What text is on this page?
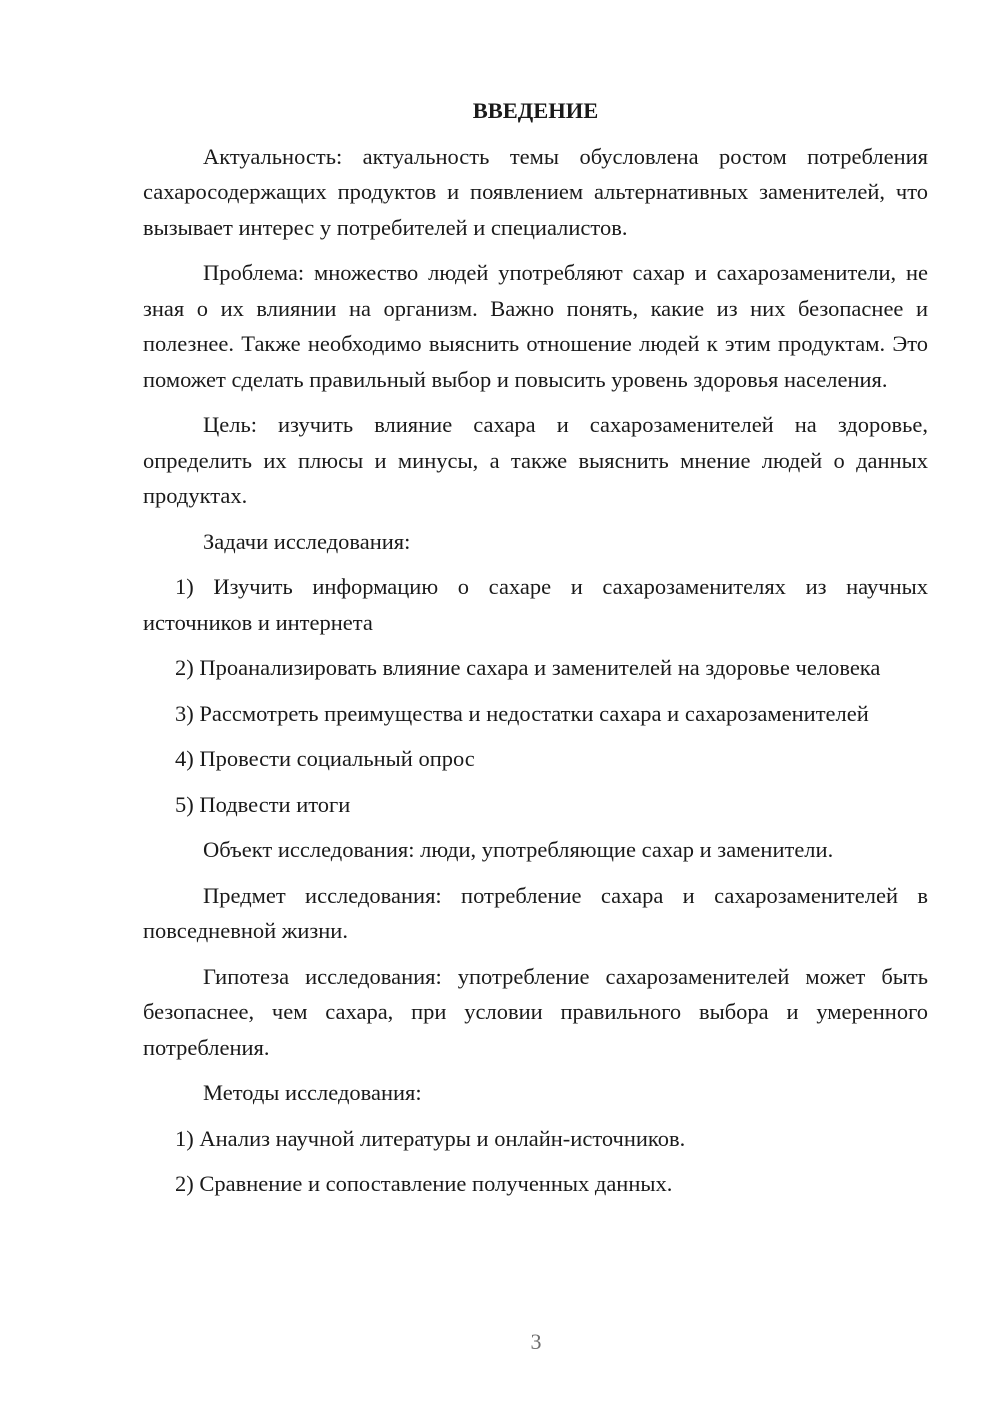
ВВЕДЕНИЕ

Актуальность: актуальность темы обусловлена ростом потребления сахаросодержащих продуктов и появлением альтернативных заменителей, что вызывает интерес у потребителей и специалистов.

Проблема: множество людей употребляют сахар и сахарозаменители, не зная о их влиянии на организм. Важно понять, какие из них безопаснее и полезнее. Также необходимо выяснить отношение людей к этим продуктам. Это поможет сделать правильный выбор и повысить уровень здоровья населения.

Цель: изучить влияние сахара и сахарозаменителей на здоровье, определить их плюсы и минусы, а также выяснить мнение людей о данных продуктах.

Задачи исследования:

1) Изучить информацию о сахаре и сахарозаменителях из научных источников и интернета

2) Проанализировать влияние сахара и заменителей на здоровье человека

3) Рассмотреть преимущества и недостатки сахара и сахарозаменителей

4) Провести социальный опрос

5) Подвести итоги

Объект исследования: люди, употребляющие сахар и заменители.

Предмет исследования: потребление сахара и сахарозаменителей в повседневной жизни.

Гипотеза исследования: употребление сахарозаменителей может быть безопаснее, чем сахара, при условии правильного выбора и умеренного потребления.

Методы исследования:

1) Анализ научной литературы и онлайн-источников.

2) Сравнение и сопоставление полученных данных.

3
